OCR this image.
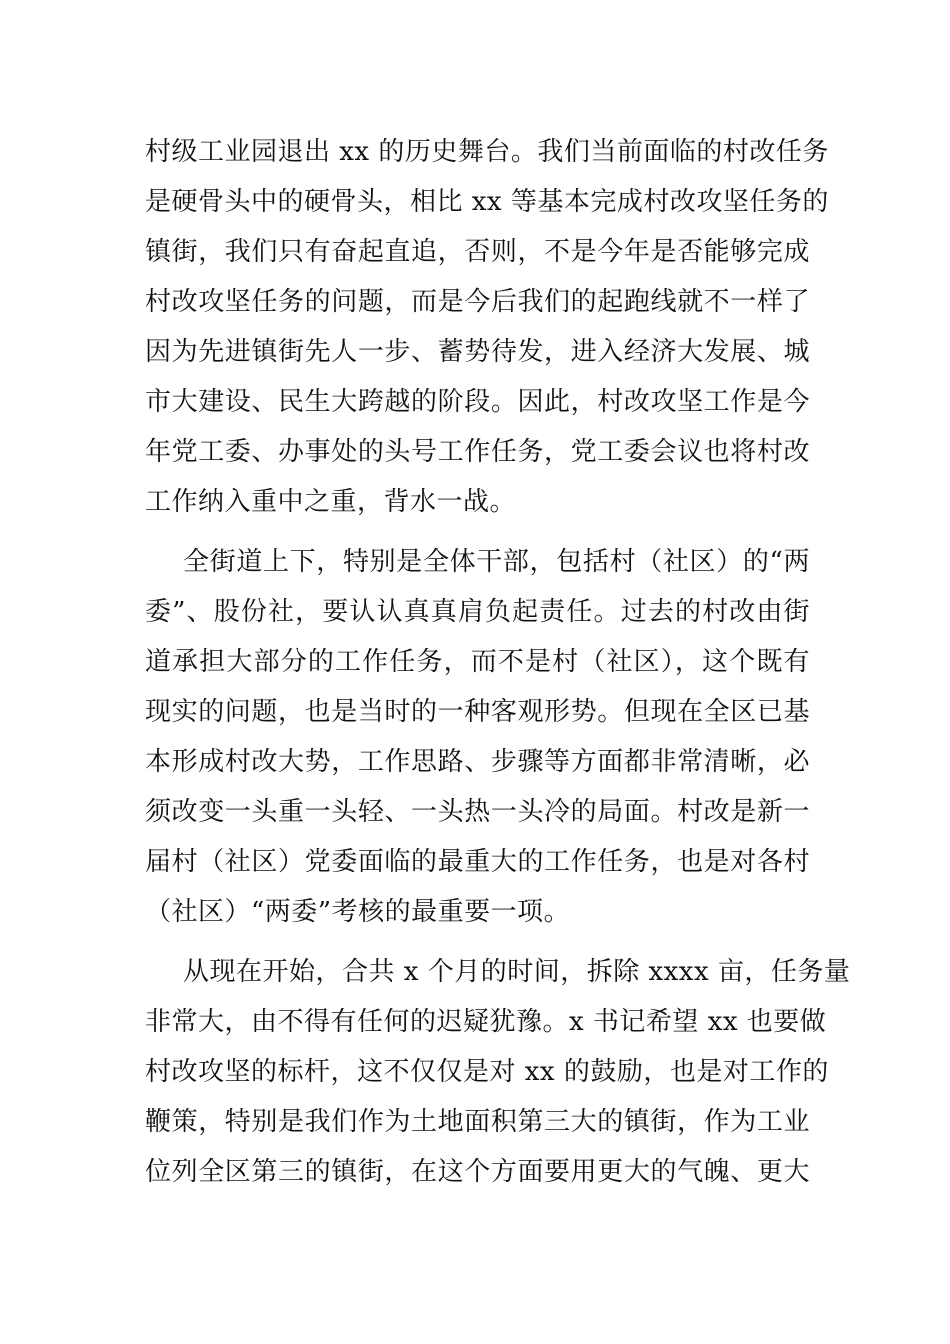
村级工业园退出 xx 的历史舞台。我们当前面临的村改任务
是硬骨头中的硬骨头，相比 xx 等基本完成村改攻坚任务的
镇街，我们只有奋起直追，否则，不是今年是否能够完成
村改攻坚任务的问题，而是今后我们的起跑线就不一样了
因为先进镇街先人一步、蓄势待发，进入经济大发展、城
市大建设、民生大跨越的阶段。因此，村改攻坚工作是今
年党工委、办事处的头号工作任务，党工委会议也将村改
工作纳入重中之重，背水一战。
全街道上下，特别是全体干部，包括村（社区）的“两
委”、股份社，要认认真真肩负起责任。过去的村改由街
道承担大部分的工作任务，而不是村（社区），这个既有
现实的问题，也是当时的一种客观形势。但现在全区已基
本形成村改大势，工作思路、步骤等方面都非常清晰，必
须改变一头重一头轻、一头热一头冷的局面。村改是新一
届村（社区）党委面临的最重大的工作任务，也是对各村
（社区）“两委”考核的最重要一项。
从现在开始，合共 x 个月的时间，拆除 xxxx 亩，任务量
非常大，由不得有任何的迟疑犹豫。x 书记希望 xx 也要做
村改攻坚的标杆，这不仅仅是对 xx 的鼓励，也是对工作的
鞭策，特别是我们作为土地面积第三大的镇街，作为工业
位列全区第三的镇街，在这个方面要用更大的气魄、更大
